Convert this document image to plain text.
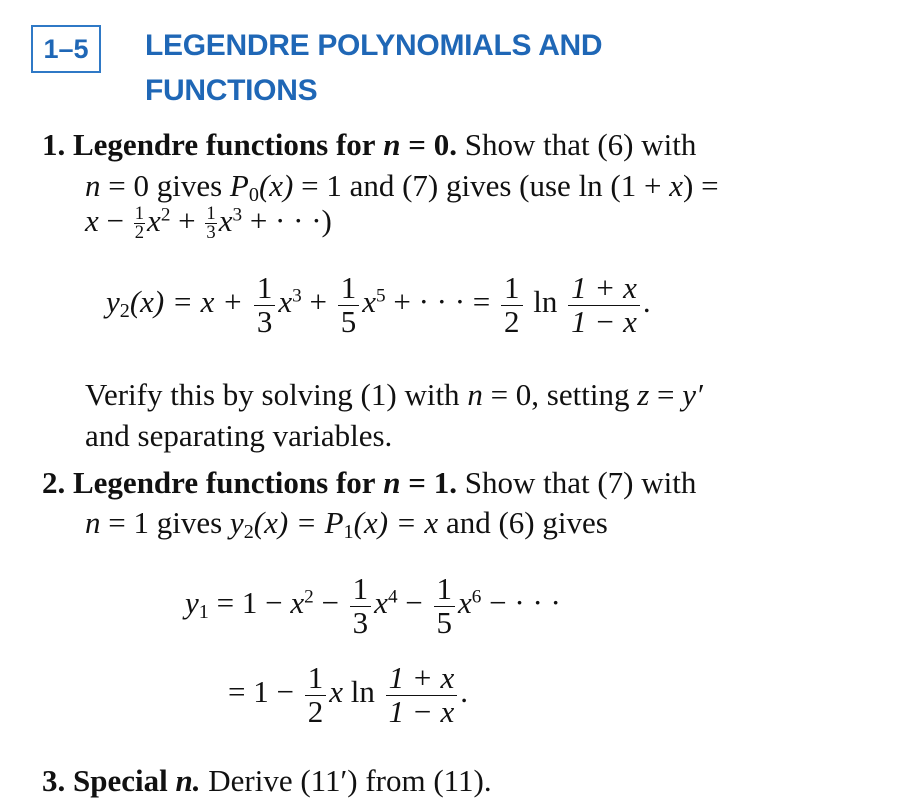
1–5	LEGENDRE POLYNOMIALS AND
FUNCTIONS
1. Legendre functions for n = 0. Show that (6) with
n = 0 gives $P_0(x) = 1$ and (7) gives (use ln (1 + x) =
$x - \frac{1}{2} x^2 + \frac{1}{3} x^3$ + · · ·)
$y_2(x) = x + \frac{1}{3} x^3 + \frac{1}{5} x^5$ + · · · = $\frac{1}{2}$ $\ln \frac{1 + x}{1 - x}$ .
Verify this by solving (1) with n = 0, setting z = y′
and separating variables.
2. Legendre functions for n = 1. Show that (7) with
n = 1 gives $y_2(x) = P_1(x) = x$ and (6) gives
$y_1 = 1 - x^2 - \frac{1}{3} x^4 - \frac{1}{5} x^6$ − · · ·
= $1 - \frac{1}{2}$ x $\ln \frac{1 + x}{1 - x}$ .
3. Special n. Derive (11′) from (11).
